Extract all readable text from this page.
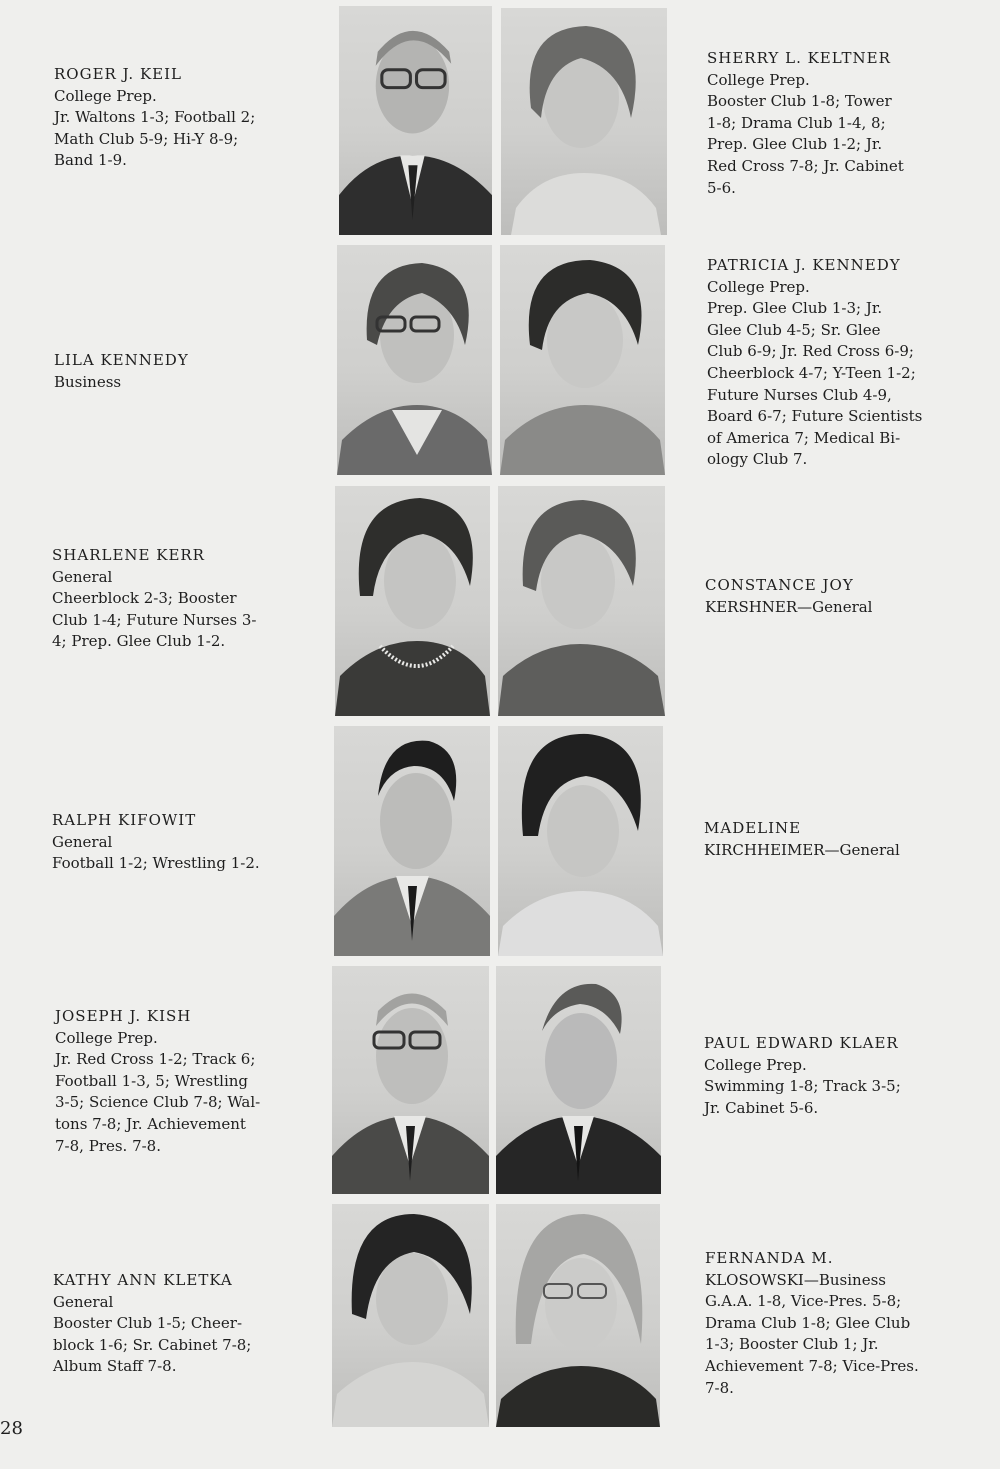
ROGER J. KEIL
College Prep.
Jr. Waltons 1-3; Football 2;
Math Club 5-9; Hi-Y 8-9;
Band 1-9.
SHERRY L. KELTNER
College Prep.
Booster Club 1-8; Tower
1-8; Drama Club 1-4, 8;
Prep. Glee Club 1-2; Jr.
Red Cross 7-8; Jr. Cabinet
5-6.
LILA KENNEDY
Business
PATRICIA J. KENNEDY
College Prep.
Prep. Glee Club 1-3; Jr.
Glee Club 4-5; Sr. Glee
Club 6-9; Jr. Red Cross 6-9;
Cheerblock 4-7; Y-Teen 1-2;
Future Nurses Club 4-9,
Board 6-7; Future Scientists
of America 7; Medical Bi-
ology Club 7.
SHARLENE KERR
General
Cheerblock 2-3; Booster
Club 1-4; Future Nurses 3-
4; Prep. Glee Club 1-2.
CONSTANCE JOY
KERSHNER—General
RALPH KIFOWIT
General
Football 1-2; Wrestling 1-2.
MADELINE
KIRCHHEIMER—General
JOSEPH J. KISH
College Prep.
Jr. Red Cross 1-2; Track 6;
Football 1-3, 5; Wrestling
3-5; Science Club 7-8; Wal-
tons 7-8; Jr. Achievement
7-8, Pres. 7-8.
PAUL EDWARD KLAER
College Prep.
Swimming 1-8; Track 3-5;
Jr. Cabinet 5-6.
KATHY ANN KLETKA
General
Booster Club 1-5; Cheer-
block 1-6; Sr. Cabinet 7-8;
Album Staff 7-8.
FERNANDA M.
KLOSOWSKI—Business
G.A.A. 1-8, Vice-Pres. 5-8;
Drama Club 1-8; Glee Club
1-3; Booster Club 1; Jr.
Achievement 7-8; Vice-Pres.
7-8.
28
